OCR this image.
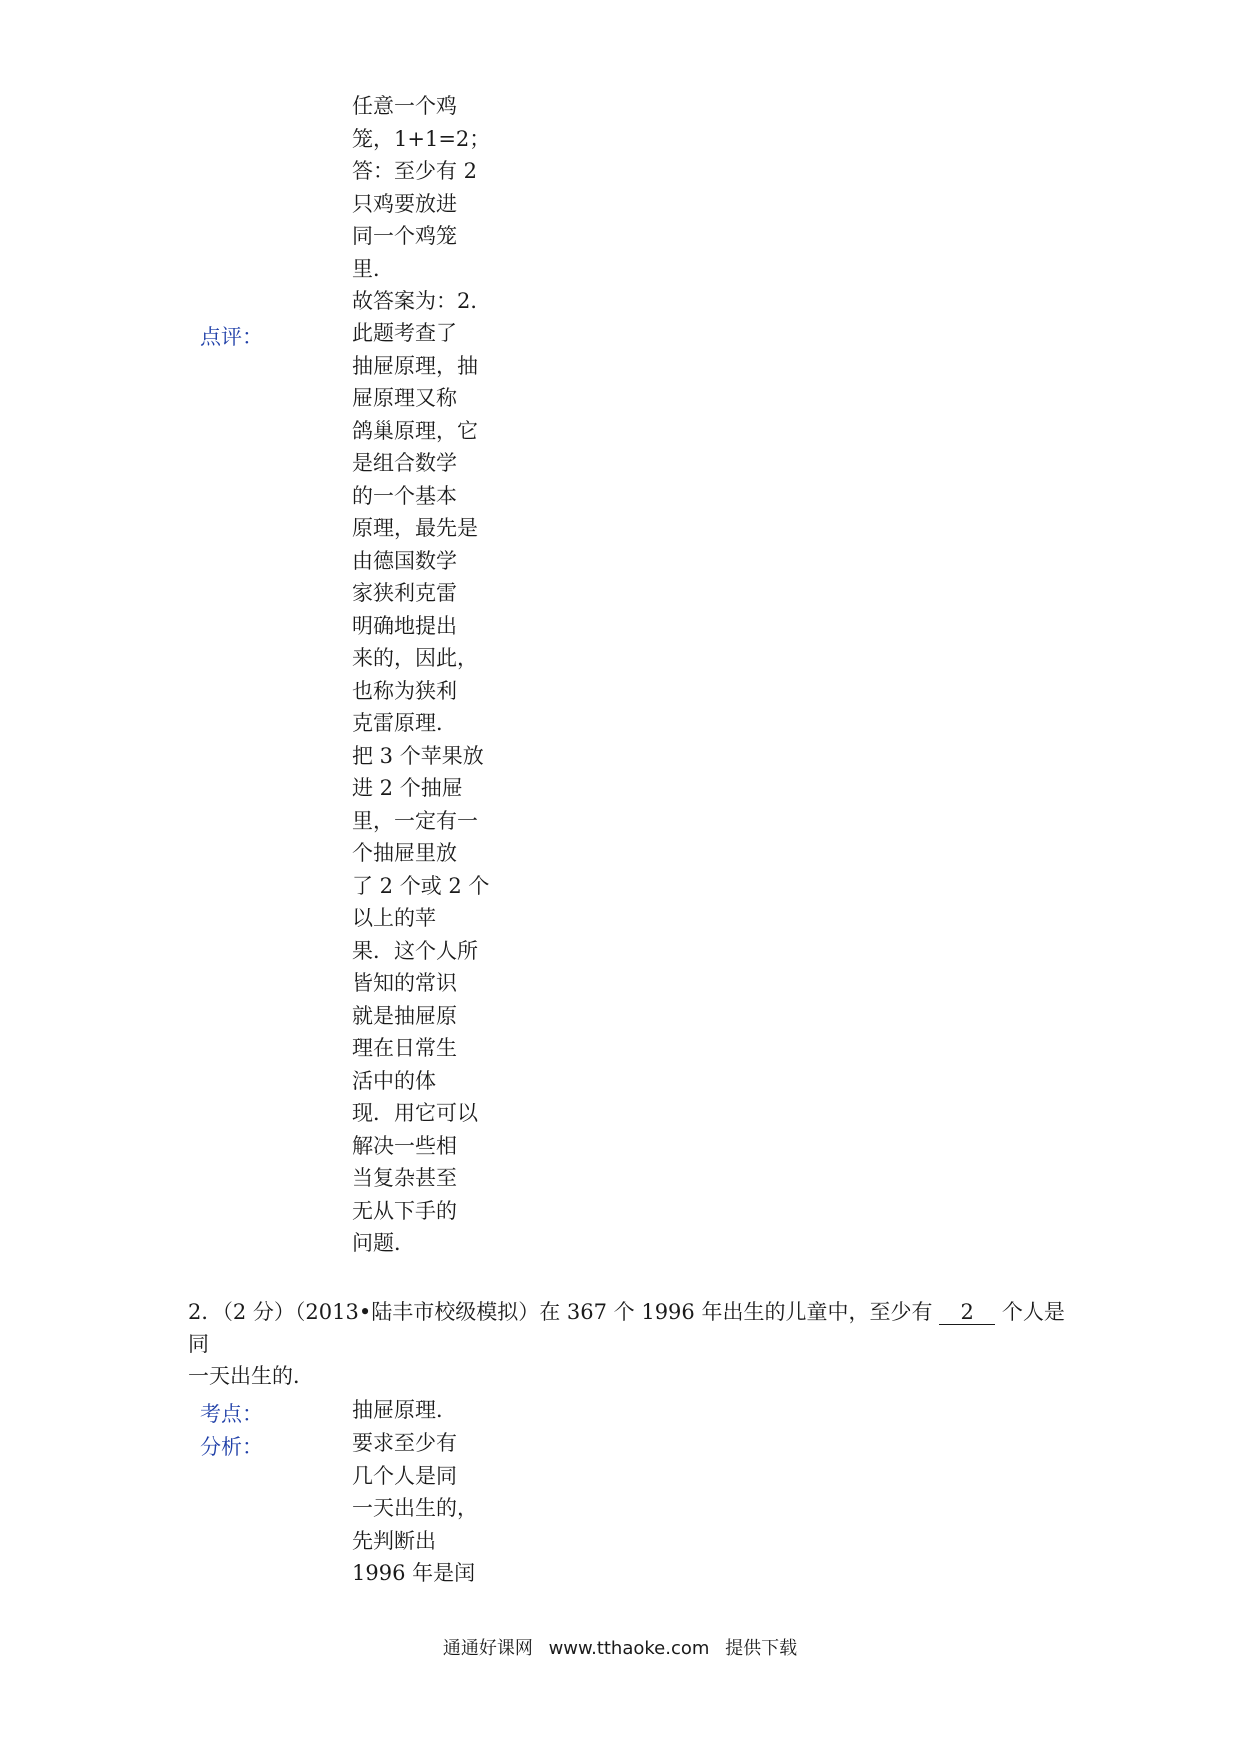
任意一个鸡
笼，1+1=2；
答：至少有 2
只鸡要放进
同一个鸡笼
里．
故答案为：2．
点评：	此题考查了
抽屉原理，抽
屉原理又称
鸽巢原理，它
是组合数学
的一个基本
原理，最先是
由德国数学
家狭利克雷
明确地提出
来的，因此，
也称为狭利
克雷原理．
把 3 个苹果放
进 2 个抽屉
里，一定有一
个抽屉里放
了 2 个或 2 个
以上的苹
果．这个人所
皆知的常识
就是抽屉原
理在日常生
活中的体
现．用它可以
解决一些相
当复杂甚至
无从下手的
问题．
2．（2 分）（2013•陆丰市校级模拟）在 367 个 1996 年出生的儿童中，至少有 2 个人是同
一天出生的．
考点：	抽屉原理．
分析：	要求至少有
几个人是同
一天出生的，
先判断出
1996 年是闰
通通好课网 www.tthaoke.com 提供下载
